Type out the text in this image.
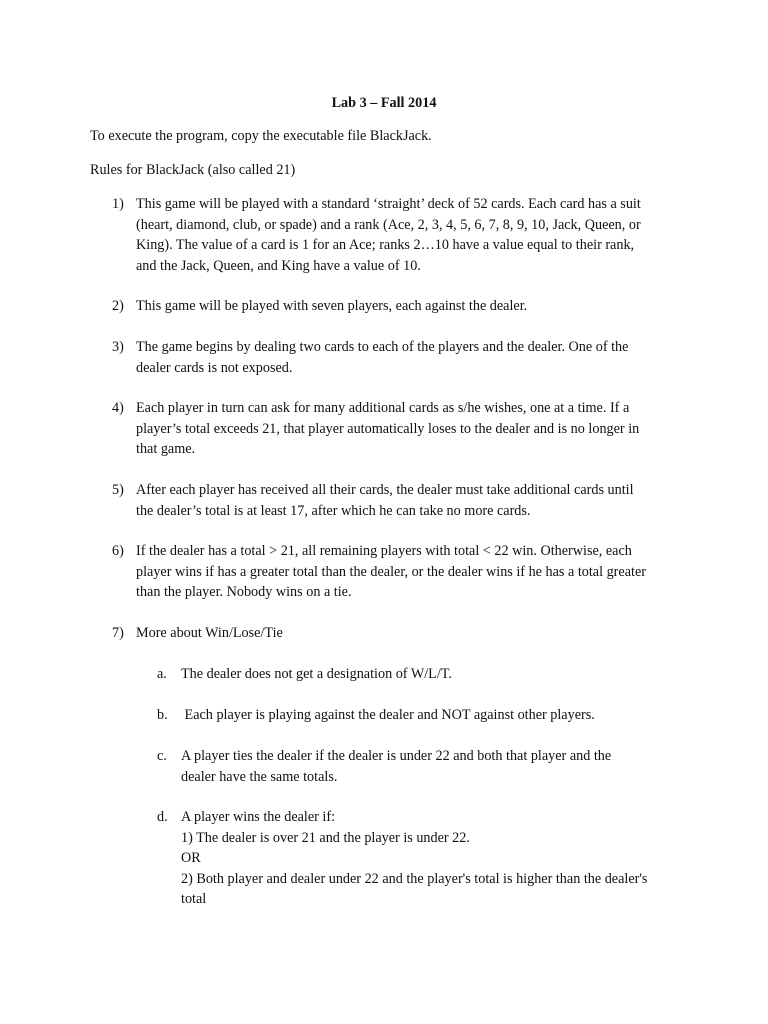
Lab 3 – Fall 2014
To execute the program, copy the executable file BlackJack.
Rules for BlackJack (also called 21)
1) This game will be played with a standard ‘straight’ deck of 52 cards. Each card has a suit
(heart, diamond, club, or spade) and a rank (Ace, 2, 3, 4, 5, 6, 7, 8, 9, 10, Jack, Queen, or
King). The value of a card is 1 for an Ace; ranks 2…10 have a value equal to their rank,
and the Jack, Queen, and King have a value of 10.
2) This game will be played with seven players, each against the dealer.
3) The game begins by dealing two cards to each of the players and the dealer. One of the
dealer cards is not exposed.
4) Each player in turn can ask for many additional cards as s/he wishes, one at a time. If a
player’s total exceeds 21, that player automatically loses to the dealer and is no longer in
that game.
5) After each player has received all their cards, the dealer must take additional cards until
the dealer’s total is at least 17, after which he can take no more cards.
6) If the dealer has a total > 21, all remaining players with total < 22 win. Otherwise, each
player wins if has a greater total than the dealer, or the dealer wins if he has a total greater
than the player. Nobody wins on a tie.
7) More about Win/Lose/Tie
a. The dealer does not get a designation of W/L/T.
b. Each player is playing against the dealer and NOT against other players.
c. A player ties the dealer if the dealer is under 22 and both that player and the
dealer have the same totals.
d. A player wins the dealer if:
1) The dealer is over 21 and the player is under 22.
OR
2) Both player and dealer under 22 and the player's total is higher than the dealer's
total
